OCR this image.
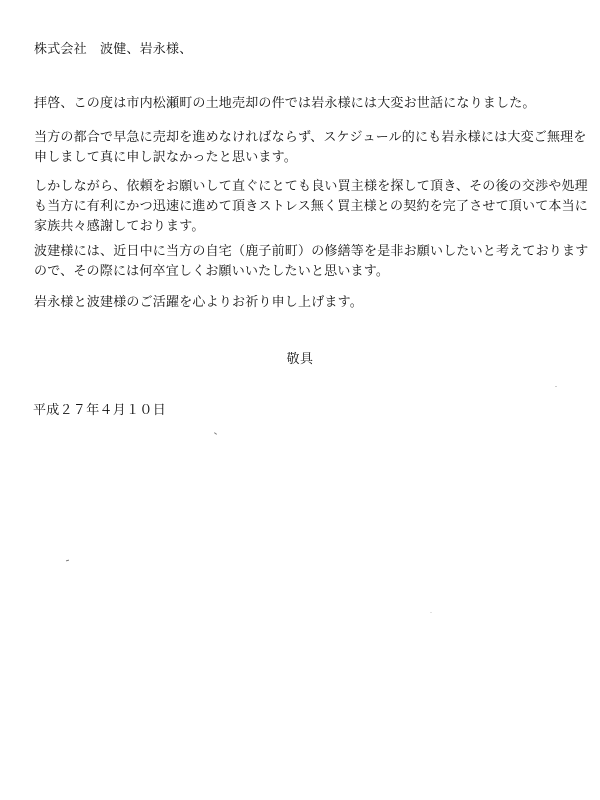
株式会社　波健、岩永様、
拝啓、この度は市内松瀬町の土地売却の件では岩永様には大変お世話になりました。
当方の都合で早急に売却を進めなければならず、スケジュール的にも岩永様には大変ご無理を
申しまして真に申し訳なかったと思います。
しかしながら、依頼をお願いして直ぐにとても良い買主様を探して頂き、その後の交渉や処理
も当方に有利にかつ迅速に進めて頂きストレス無く買主様との契約を完了させて頂いて本当に
家族共々感謝しております。
波建様には、近日中に当方の自宅（鹿子前町）の修繕等を是非お願いしたいと考えております
ので、その際には何卒宜しくお願いいたしたいと思います。
岩永様と波建様のご活躍を心よりお祈り申し上げます。
敬具
平成２７年４月１０日
